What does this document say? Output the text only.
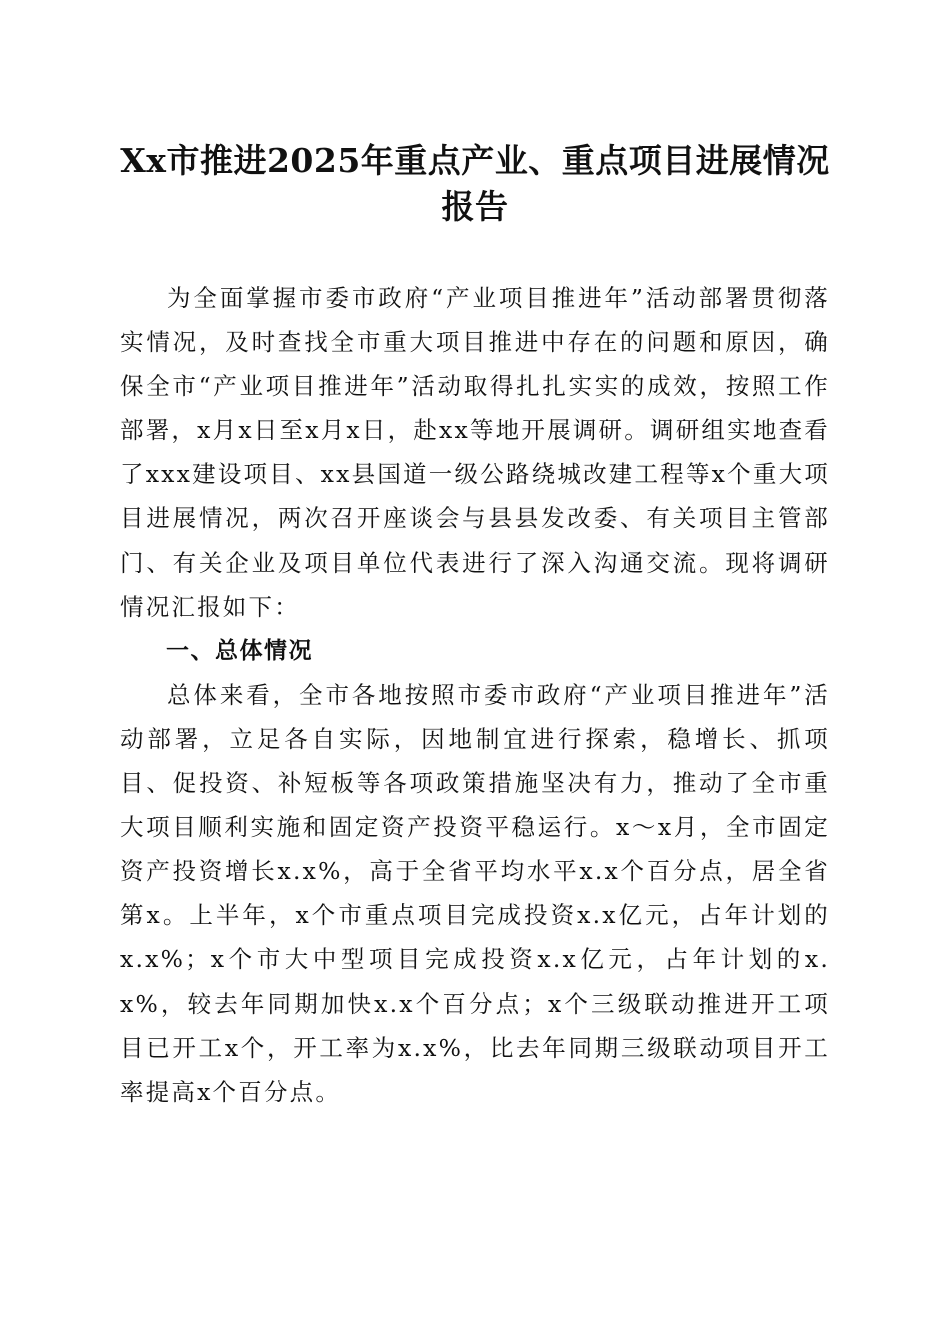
Xx市推进2025年重点产业、重点项目进展情况报告

为全面掌握市委市政府“产业项目推进年”活动部署贯彻落实情况，及时查找全市重大项目推进中存在的问题和原因，确保全市“产业项目推进年”活动取得扎扎实实的成效，按照工作部署，x月x日至x月x日，赴xx等地开展调研。调研组实地查看了xxx建设项目、xx县国道一级公路绕城改建工程等x个重大项目进展情况，两次召开座谈会与县县发改委、有关项目主管部门、有关企业及项目单位代表进行了深入沟通交流。现将调研情况汇报如下：

一、总体情况

总体来看，全市各地按照市委市政府“产业项目推进年”活动部署，立足各自实际，因地制宜进行探索，稳增长、抓项目、促投资、补短板等各项政策措施坚决有力，推动了全市重大项目顺利实施和固定资产投资平稳运行。x～x月，全市固定资产投资增长x.x%，高于全省平均水平x.x个百分点，居全省第x。上半年，x个市重点项目完成投资x.x亿元，占年计划的x.x%；x个市大中型项目完成投资x.x亿元，占年计划的x.x%，较去年同期加快x.x个百分点；x个三级联动推进开工项目已开工x个，开工率为x.x%，比去年同期三级联动项目开工率提高x个百分点。
